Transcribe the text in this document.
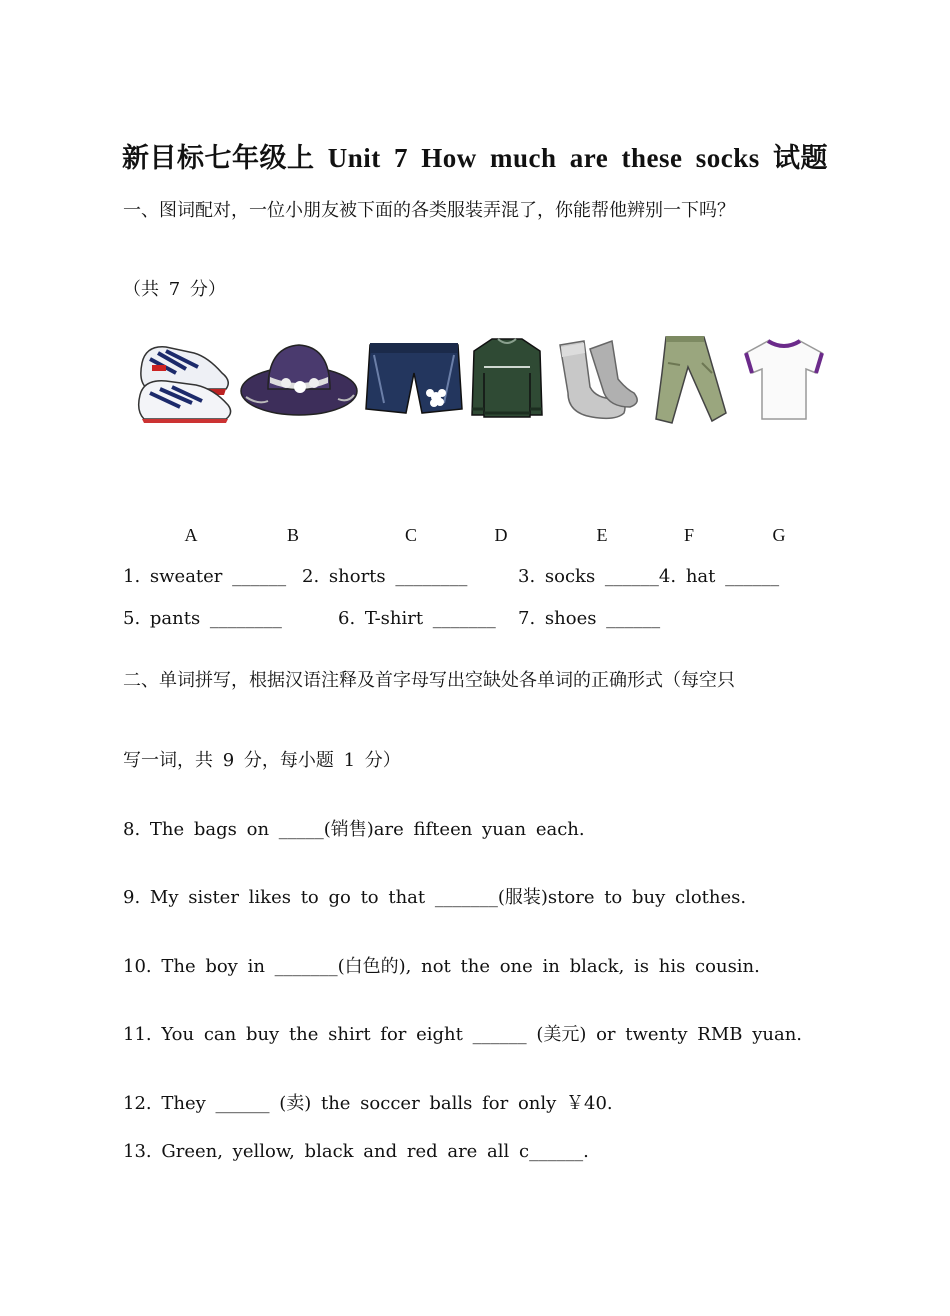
新目标七年级上 Unit 7 How much are these socks 试题
一、图词配对，一位小朋友被下面的各类服装弄混了，你能帮他辨别一下吗？
（共 7 分）
A	B	C	D	E	F	G
1. sweater ______ 2. shorts ________	3. socks ______4. hat ______
5. pants ________	6. T-shirt _______ 7. shoes ______
二、单词拼写，根据汉语注释及首字母写出空缺处各单词的正确形式（每空只
写一词，共 9 分，每小题 1 分）
8. The bags on _____(销售)are fifteen yuan each.
9. My sister likes to go to that _______(服装)store to buy clothes.
10. The boy in _______(白色的), not the one in black, is his cousin.
11. You can buy the shirt for eight ______ (美元) or twenty RMB yuan.
12. They ______ (卖) the soccer balls for only ￥40.
13. Green, yellow, black and red are all c______.
